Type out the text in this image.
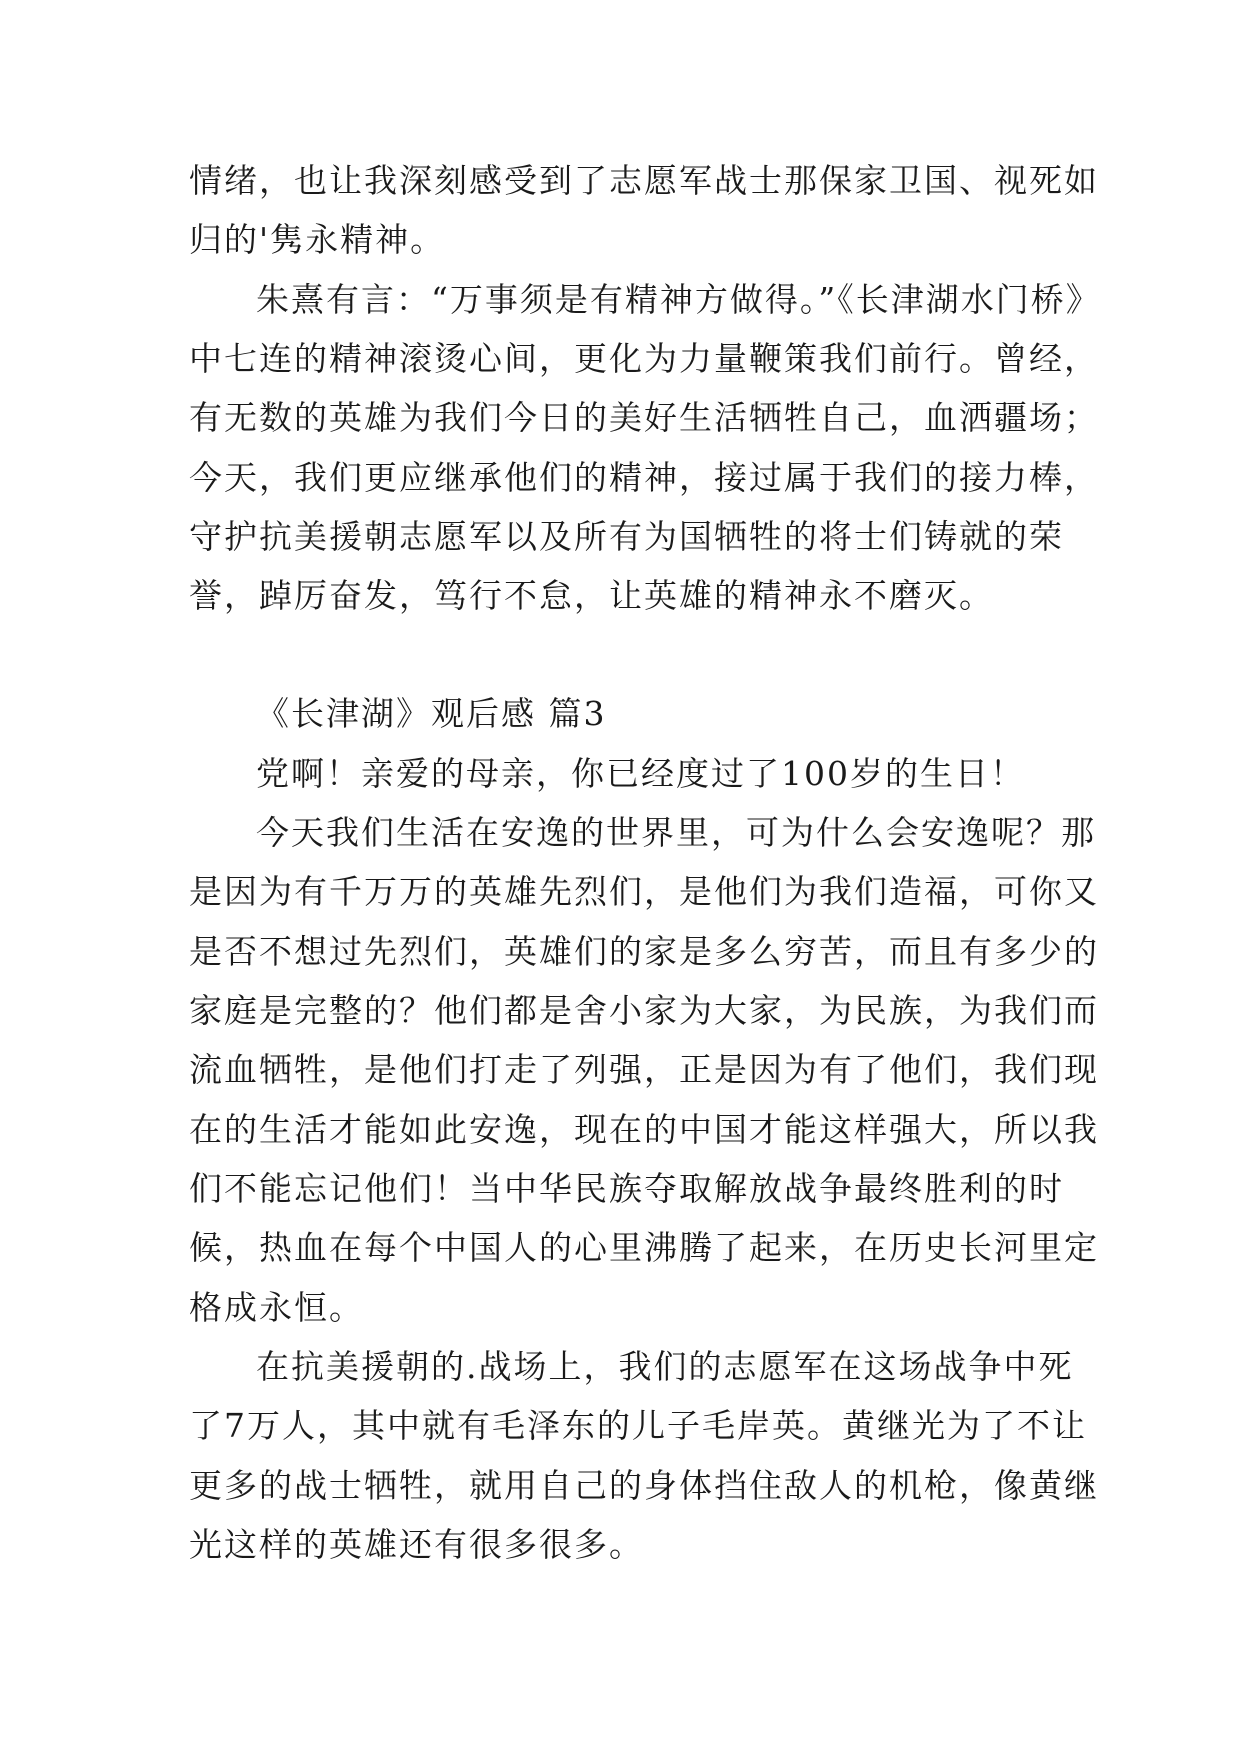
情绪，也让我深刻感受到了志愿军战士那保家卫国、视死如
归的'隽永精神。
朱熹有言：“万事须是有精神方做得。”《长津湖水门桥》
中七连的精神滚烫心间，更化为力量鞭策我们前行。曾经，
有无数的英雄为我们今日的美好生活牺牲自己，血洒疆场；
今天，我们更应继承他们的精神，接过属于我们的接力棒，
守护抗美援朝志愿军以及所有为国牺牲的将士们铸就的荣
誉，踔厉奋发，笃行不怠，让英雄的精神永不磨灭。
《长津湖》观后感 篇3
党啊！亲爱的母亲，你已经度过了100岁的生日！
今天我们生活在安逸的世界里，可为什么会安逸呢？那
是因为有千万万的英雄先烈们，是他们为我们造福，可你又
是否不想过先烈们，英雄们的家是多么穷苦，而且有多少的
家庭是完整的？他们都是舍小家为大家，为民族，为我们而
流血牺牲，是他们打走了列强，正是因为有了他们，我们现
在的生活才能如此安逸，现在的中国才能这样强大，所以我
们不能忘记他们！当中华民族夺取解放战争最终胜利的时
候，热血在每个中国人的心里沸腾了起来，在历史长河里定
格成永恒。
在抗美援朝的.战场上，我们的志愿军在这场战争中死
了7万人，其中就有毛泽东的儿子毛岸英。黄继光为了不让
更多的战士牺牲，就用自己的身体挡住敌人的机枪，像黄继
光这样的英雄还有很多很多。
